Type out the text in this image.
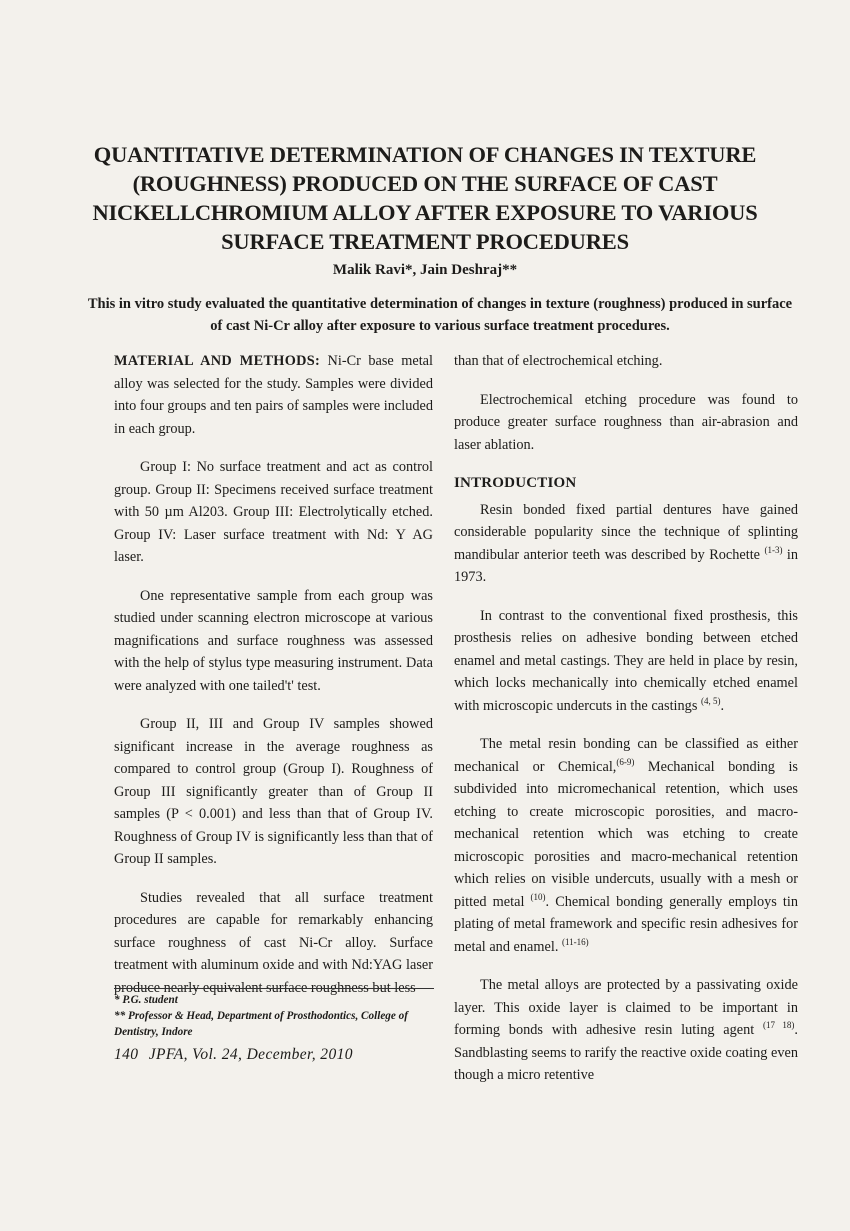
QUANTITATIVE DETERMINATION OF CHANGES IN TEXTURE (ROUGHNESS) PRODUCED ON THE SURFACE OF CAST NICKELLCHROMIUM ALLOY AFTER EXPOSURE TO VARIOUS SURFACE TREATMENT PROCEDURES
Malik Ravi*, Jain Deshraj**
This in vitro study evaluated the quantitative determination of changes in texture (roughness) produced in surface of cast Ni-Cr alloy after exposure to various surface treatment procedures.

MATERIAL AND METHODS: Ni-Cr base metal alloy was selected for the study. Samples were divided into four groups and ten pairs of samples were included in each group.

Group I: No surface treatment and act as control group. Group II: Specimens received surface treatment with 50 µm Al203. Group III: Electrolytically etched. Group IV: Laser surface treatment with Nd: Y AG laser.

One representative sample from each group was studied under scanning electron microscope at various magnifications and surface roughness was assessed with the help of stylus type measuring instrument. Data were analyzed with one tailed't' test.

Group II, III and Group IV samples showed significant increase in the average roughness as compared to control group (Group I). Roughness of Group III significantly greater than of Group II samples (P < 0.001) and less than that of Group IV. Roughness of Group IV is significantly less than that of Group II samples.

Studies revealed that all surface treatment procedures are capable for remarkably enhancing surface roughness of cast Ni-Cr alloy. Surface treatment with aluminum oxide and with Nd:YAG laser produce nearly equivalent surface roughness but less

* P.G. student
** Professor & Head, Department of Prosthodontics, College of Dentistry, Indore
140 JPFA, Vol. 24, December, 2010

than that of electrochemical etching.

Electrochemical etching procedure was found to produce greater surface roughness than air-abrasion and laser ablation.

INTRODUCTION

Resin bonded fixed partial dentures have gained considerable popularity since the technique of splinting mandibular anterior teeth was described by Rochette $^{(1-3)}$ in 1973.

In contrast to the conventional fixed prosthesis, this prosthesis relies on adhesive bonding between etched enamel and metal castings. They are held in place by resin, which locks mechanically into chemically etched enamel with microscopic undercuts in the castings $^{(4, 5)}$.

The metal resin bonding can be classified as either mechanical or Chemical,$^{(6-9)}$ Mechanical bonding is subdivided into micromechanical retention, which uses etching to create microscopic porosities, and macro-mechanical retention which was etching to create microscopic porosities and macro-mechanical retention which relies on visible undercuts, usually with a mesh or pitted metal $^{(10)}$. Chemical bonding generally employs tin plating of metal framework and specific resin adhesives for metal and enamel. $^{(11-16)}$

The metal alloys are protected by a passivating oxide layer. This oxide layer is claimed to be important in forming bonds with adhesive resin luting agent $^{(17 18)}$. Sandblasting seems to rarify the reactive oxide coating even though a micro retentive
